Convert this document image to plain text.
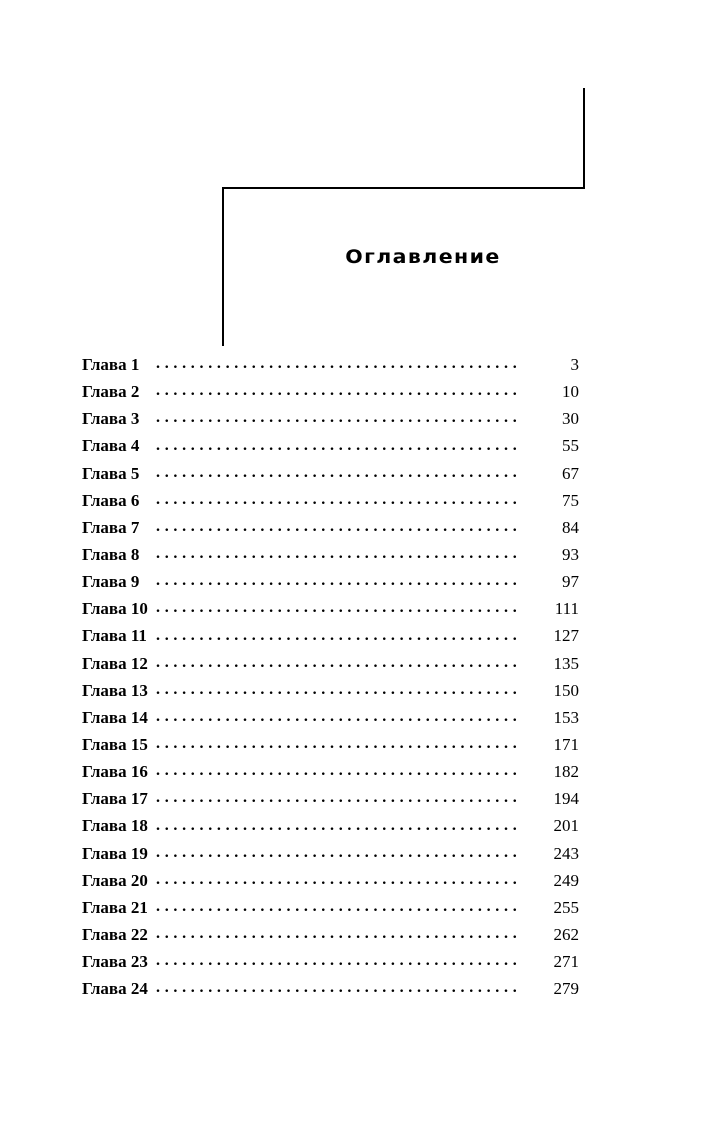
Оглавление
Глава 1 . . .	3
Глава 2 . . .	10
Глава 3 . . .	30
Глава 4 . . .	55
Глава 5 . . .	67
Глава 6 . . .	75
Глава 7 . . .	84
Глава 8 . . .	93
Глава 9 . . .	97
Глава 10 . . .	111
Глава 11 . . .	127
Глава 12 . . .	135
Глава 13 . . .	150
Глава 14 . . .	153
Глава 15 . . .	171
Глава 16 . . .	182
Глава 17 . . .	194
Глава 18 . . .	201
Глава 19 . . .	243
Глава 20 . . .	249
Глава 21 . . .	255
Глава 22 . . .	262
Глава 23 . . .	271
Глава 24 . . .	279
